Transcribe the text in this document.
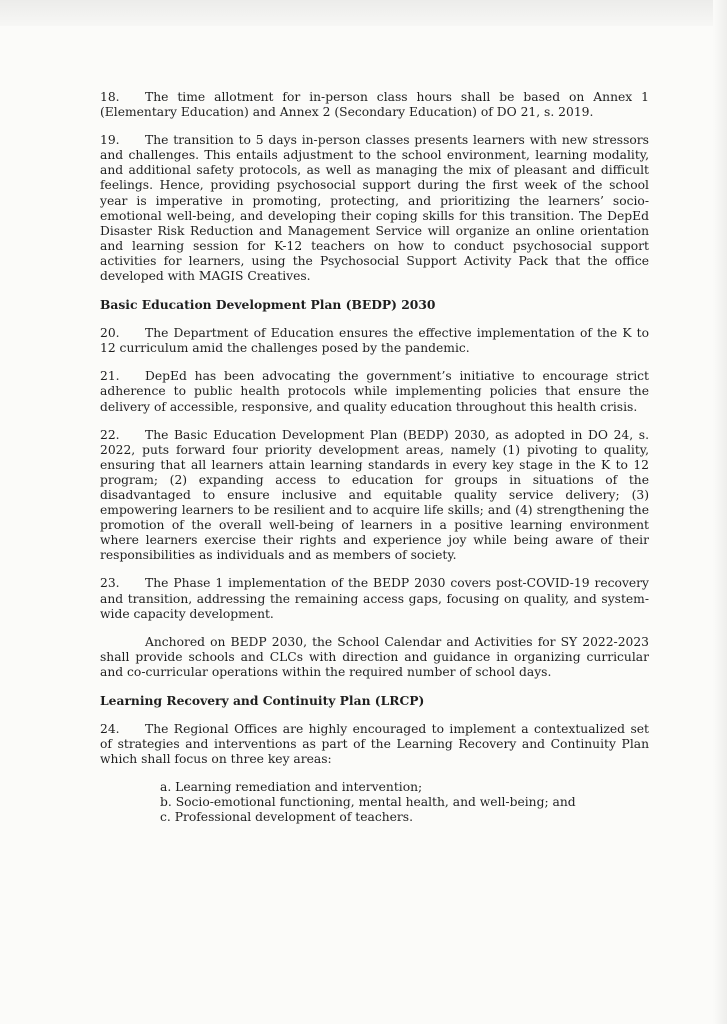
18. The time allotment for in-person class hours shall be based on Annex 1 (Elementary Education) and Annex 2 (Secondary Education) of DO 21, s. 2019.

19. The transition to 5 days in-person classes presents learners with new stressors and challenges. This entails adjustment to the school environment, learning modality, and additional safety protocols, as well as managing the mix of pleasant and difficult feelings. Hence, providing psychosocial support during the first week of the school year is imperative in promoting, protecting, and prioritizing the learners’ socio-emotional well-being, and developing their coping skills for this transition. The DepEd Disaster Risk Reduction and Management Service will organize an online orientation and learning session for K-12 teachers on how to conduct psychosocial support activities for learners, using the Psychosocial Support Activity Pack that the office developed with MAGIS Creatives.

Basic Education Development Plan (BEDP) 2030

20. The Department of Education ensures the effective implementation of the K to 12 curriculum amid the challenges posed by the pandemic.

21. DepEd has been advocating the government’s initiative to encourage strict adherence to public health protocols while implementing policies that ensure the delivery of accessible, responsive, and quality education throughout this health crisis.

22. The Basic Education Development Plan (BEDP) 2030, as adopted in DO 24, s. 2022, puts forward four priority development areas, namely (1) pivoting to quality, ensuring that all learners attain learning standards in every key stage in the K to 12 program; (2) expanding access to education for groups in situations of the disadvantaged to ensure inclusive and equitable quality service delivery; (3) empowering learners to be resilient and to acquire life skills; and (4) strengthening the promotion of the overall well-being of learners in a positive learning environment where learners exercise their rights and experience joy while being aware of their responsibilities as individuals and as members of society.

23. The Phase 1 implementation of the BEDP 2030 covers post-COVID-19 recovery and transition, addressing the remaining access gaps, focusing on quality, and system-wide capacity development.

Anchored on BEDP 2030, the School Calendar and Activities for SY 2022-2023 shall provide schools and CLCs with direction and guidance in organizing curricular and co-curricular operations within the required number of school days.

Learning Recovery and Continuity Plan (LRCP)

24. The Regional Offices are highly encouraged to implement a contextualized set of strategies and interventions as part of the Learning Recovery and Continuity Plan which shall focus on three key areas:

a. Learning remediation and intervention;
b. Socio-emotional functioning, mental health, and well-being; and
c. Professional development of teachers.
